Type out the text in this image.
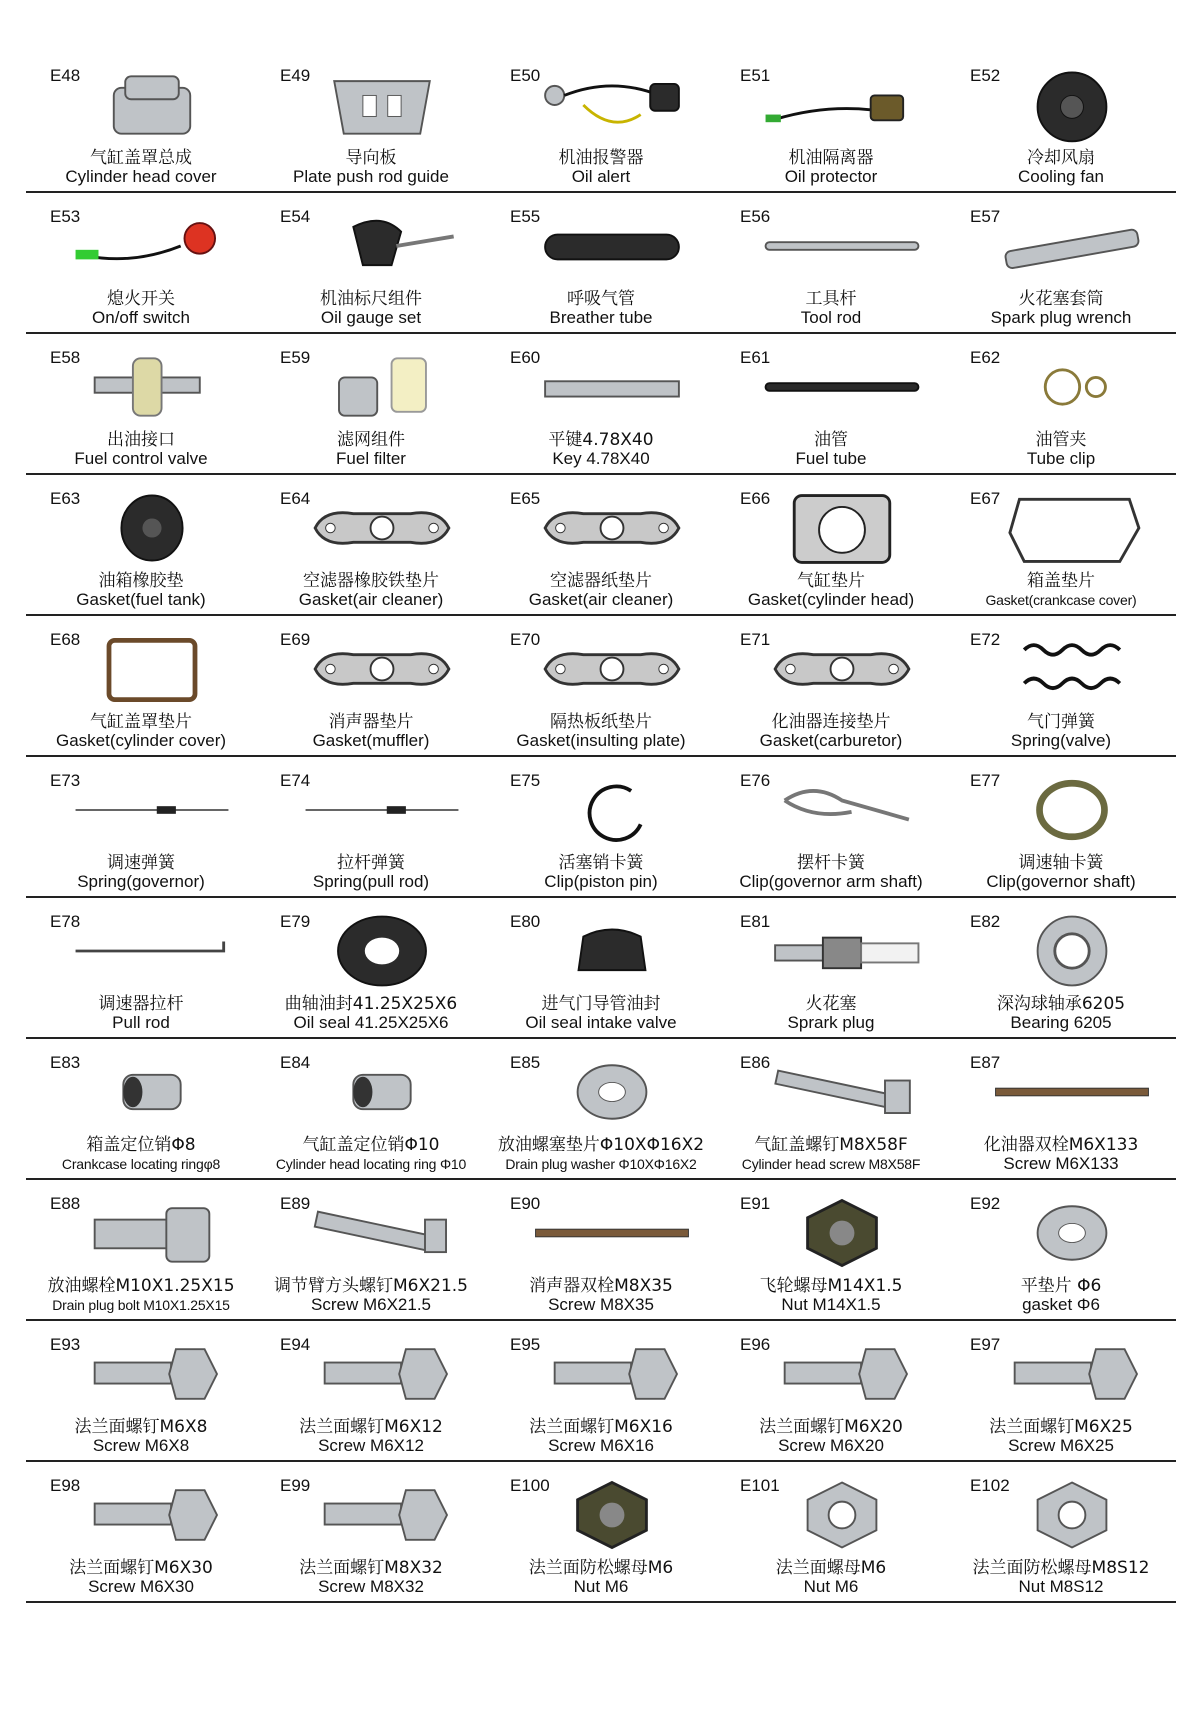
E48
气缸盖罩总成
Cylinder head cover
E49
导向板
Plate push rod guide
E50
机油报警器
Oil alert
E51
机油隔离器
Oil protector
E52
冷却风扇
Cooling fan
E53
熄火开关
On/off switch
E54
机油标尺组件
Oil gauge set
E55
呼吸气管
Breather tube
E56
工具杆
Tool rod
E57
火花塞套筒
Spark plug wrench
E58
出油接口
Fuel control valve
E59
滤网组件
Fuel filter
E60
平键4.78X40
Key 4.78X40
E61
油管
Fuel tube
E62
油管夹
Tube clip
E63
油箱橡胶垫
Gasket(fuel tank)
E64
空滤器橡胶铁垫片
Gasket(air cleaner)
E65
空滤器纸垫片
Gasket(air cleaner)
E66
气缸垫片
Gasket(cylinder head)
E67
箱盖垫片
Gasket(crankcase cover)
E68
气缸盖罩垫片
Gasket(cylinder cover)
E69
消声器垫片
Gasket(muffler)
E70
隔热板纸垫片
Gasket(insulting plate)
E71
化油器连接垫片
Gasket(carburetor)
E72
气门弹簧
Spring(valve)
E73
调速弹簧
Spring(governor)
E74
拉杆弹簧
Spring(pull rod)
E75
活塞销卡簧
Clip(piston pin)
E76
摆杆卡簧
Clip(governor arm shaft)
E77
调速轴卡簧
Clip(governor shaft)
E78
调速器拉杆
Pull rod
E79
曲轴油封41.25X25X6
Oil seal 41.25X25X6
E80
进气门导管油封
Oil seal intake valve
E81
火花塞
Sprark plug
E82
深沟球轴承6205
Bearing 6205
E83
箱盖定位销Φ8
Crankcase locating ringφ8
E84
气缸盖定位销Φ10
Cylinder head locating ring Φ10
E85
放油螺塞垫片Φ10XΦ16X2
Drain plug washer Φ10XΦ16X2
E86
气缸盖螺钉M8X58F
Cylinder head screw M8X58F
E87
化油器双栓M6X133
Screw M6X133
E88
放油螺栓M10X1.25X15
Drain plug bolt M10X1.25X15
E89
调节臂方头螺钉M6X21.5
Screw M6X21.5
E90
消声器双栓M8X35
Screw M8X35
E91
飞轮螺母M14X1.5
Nut M14X1.5
E92
平垫片 Φ6
gasket Φ6
E93
法兰面螺钉M6X8
Screw M6X8
E94
法兰面螺钉M6X12
Screw M6X12
E95
法兰面螺钉M6X16
Screw M6X16
E96
法兰面螺钉M6X20
Screw M6X20
E97
法兰面螺钉M6X25
Screw M6X25
E98
法兰面螺钉M6X30
Screw M6X30
E99
法兰面螺钉M8X32
Screw M8X32
E100
法兰面防松螺母M6
Nut M6
E101
法兰面螺母M6
Nut M6
E102
法兰面防松螺母M8S12
Nut M8S12
